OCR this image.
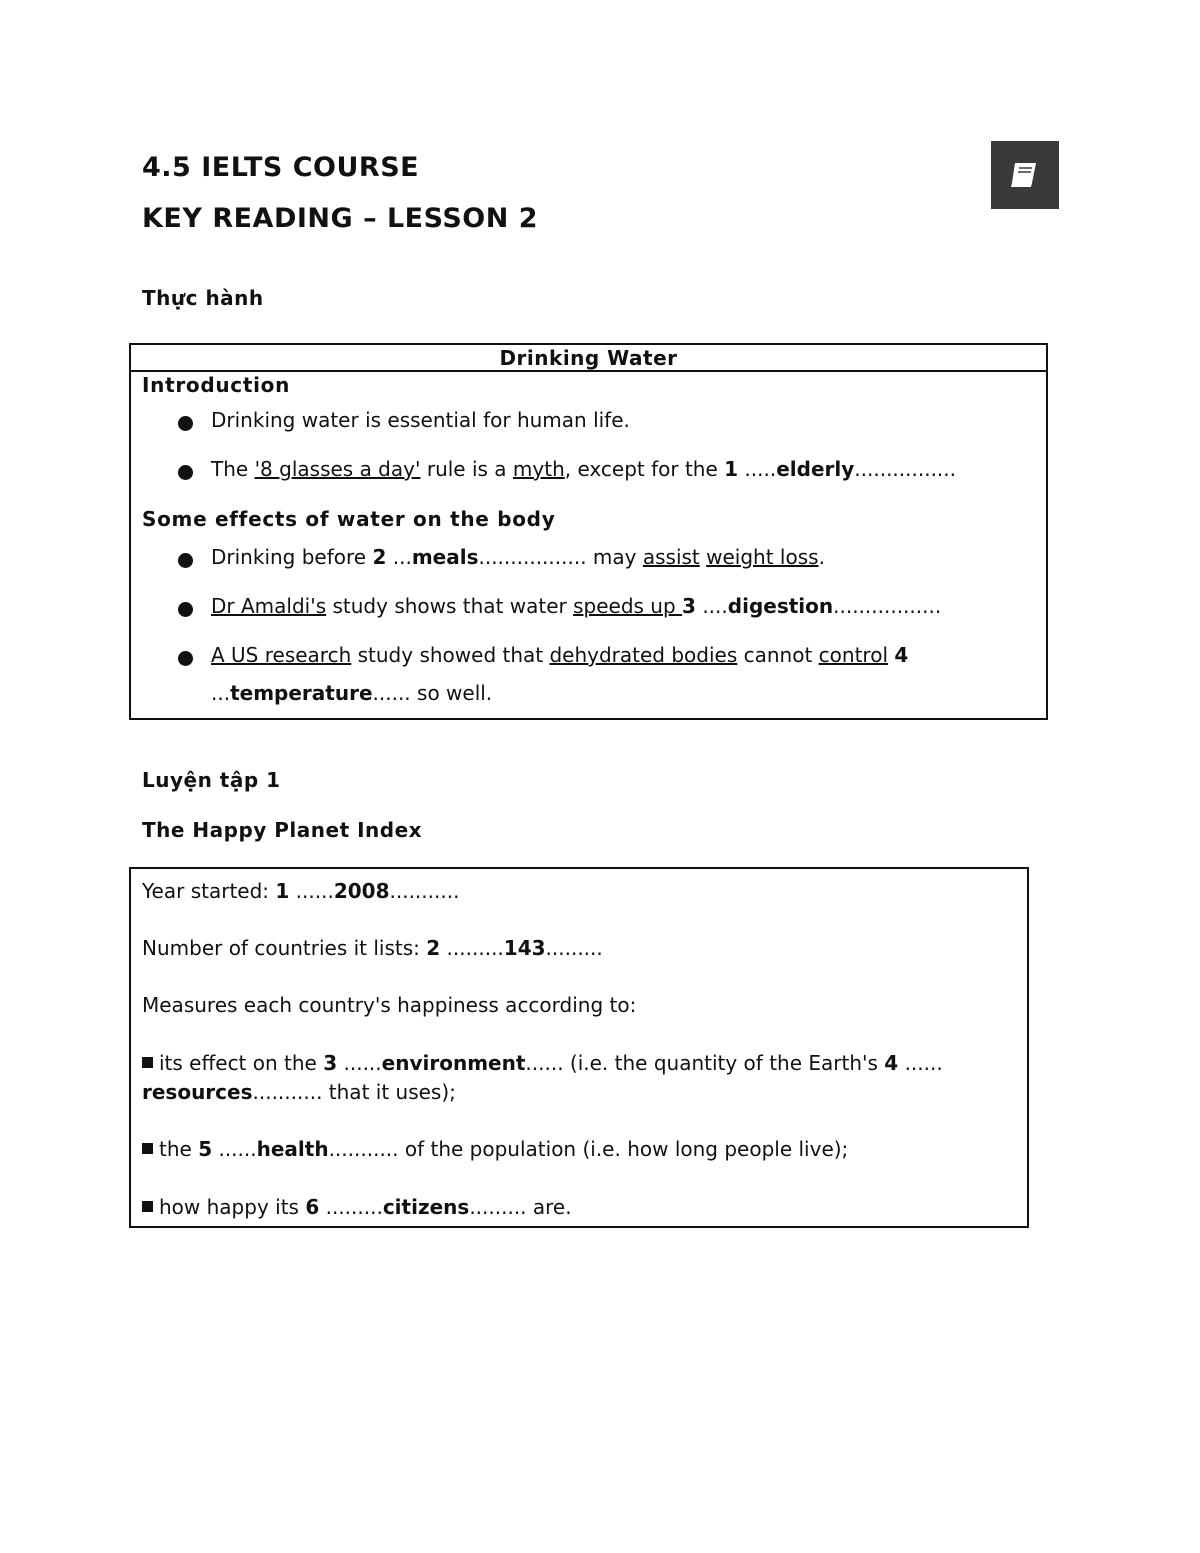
4.5 IELTS COURSE
KEY READING – LESSON 2
Thực hành
Drinking Water
Introduction
Drinking water is essential for human life.
The '8 glasses a day' rule is a myth, except for the 1 .....elderly................
Some effects of water on the body
Drinking before 2 ...meals................. may assist weight loss.
Dr Amaldi's study shows that water speeds up 3 ....digestion.................
A US research study showed that dehydrated bodies cannot control 4
...temperature...... so well.
Luyện tập 1
The Happy Planet Index
Year started: 1 ......2008...........
Number of countries it lists: 2 .........143.........
Measures each country's happiness according to:
its effect on the 3 ......environment...... (i.e. the quantity of the Earth's 4 ......
resources........... that it uses);
the 5 ......health........... of the population (i.e. how long people live);
how happy its 6 .........citizens......... are.
